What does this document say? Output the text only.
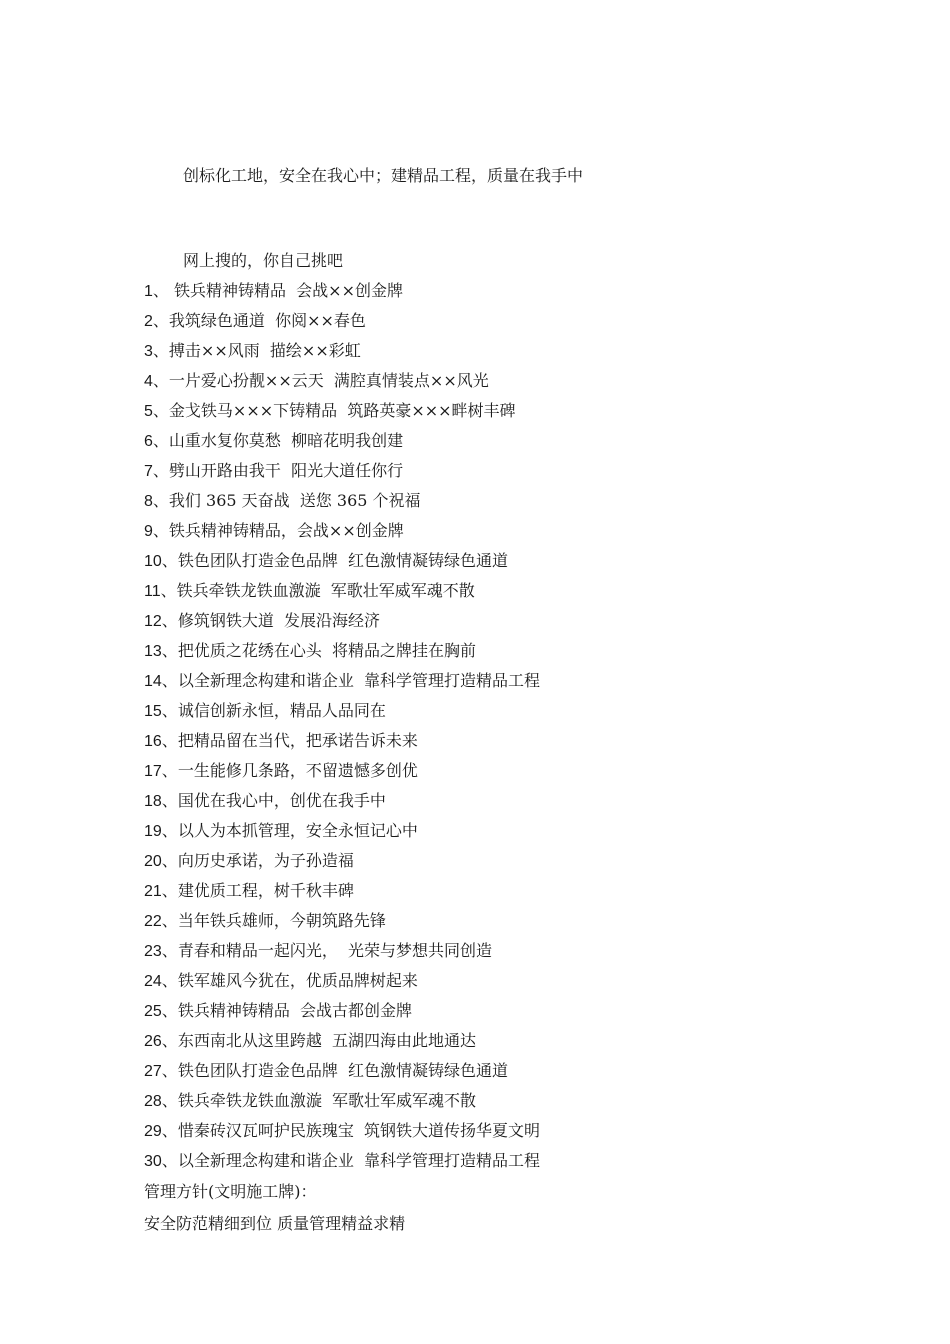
创标化工地，安全在我心中；建精品工程，质量在我手中
网上搜的，你自己挑吧
1、 铁兵精神铸精品  会战××创金牌
2、我筑绿色通道  你阅××春色
3、搏击××风雨  描绘××彩虹
4、一片爱心扮靓××云天  满腔真情装点××风光
5、金戈铁马×××下铸精品  筑路英豪×××畔树丰碑
6、山重水复你莫愁  柳暗花明我创建
7、劈山开路由我干  阳光大道任你行
8、我们 365 天奋战  送您 365 个祝福
9、铁兵精神铸精品，会战××创金牌
10、铁色团队打造金色品牌  红色激情凝铸绿色通道
11、铁兵牵铁龙铁血激漩  军歌壮军威军魂不散
12、修筑钢铁大道  发展沿海经济
13、把优质之花绣在心头  将精品之牌挂在胸前
14、以全新理念构建和谐企业  靠科学管理打造精品工程
15、诚信创新永恒，精品人品同在
16、把精品留在当代，把承诺告诉未来
17、一生能修几条路，不留遗憾多创优
18、国优在我心中，创优在我手中
19、以人为本抓管理，安全永恒记心中
20、向历史承诺，为子孙造福
21、建优质工程，树千秋丰碑
22、当年铁兵雄师，今朝筑路先锋
23、青春和精品一起闪光，  光荣与梦想共同创造
24、铁军雄风今犹在，优质品牌树起来
25、铁兵精神铸精品  会战古都创金牌
26、东西南北从这里跨越  五湖四海由此地通达
27、铁色团队打造金色品牌  红色激情凝铸绿色通道
28、铁兵牵铁龙铁血激漩  军歌壮军威军魂不散
29、惜秦砖汉瓦呵护民族瑰宝  筑钢铁大道传扬华夏文明
30、以全新理念构建和谐企业  靠科学管理打造精品工程
管理方针(文明施工牌)：
安全防范精细到位 质量管理精益求精
